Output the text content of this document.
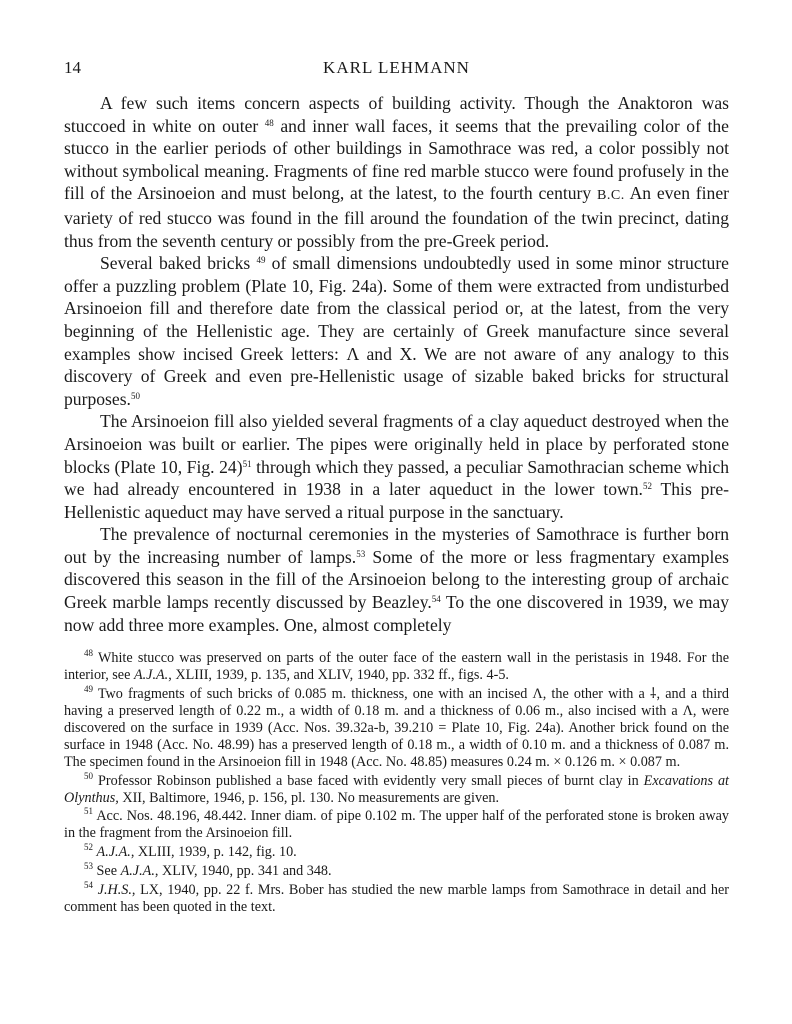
14	KARL LEHMANN

A few such items concern aspects of building activity. Though the Anaktoron was stuccoed in white on outer $^{48}$ and inner wall faces, it seems that the prevailing color of the stucco in the earlier periods of other buildings in Samothrace was red, a color possibly not without symbolical meaning. Fragments of fine red marble stucco were found profusely in the fill of the Arsinoeion and must belong, at the latest, to the fourth century B.C. An even finer variety of red stucco was found in the fill around the foundation of the twin precinct, dating thus from the seventh century or possibly from the pre-Greek period.

Several baked bricks $^{49}$ of small dimensions undoubtedly used in some minor structure offer a puzzling problem (Plate 10, Fig. 24a). Some of them were extracted from undisturbed Arsinoeion fill and therefore date from the classical period or, at the latest, from the very beginning of the Hellenistic age. They are certainly of Greek manufacture since several examples show incised Greek letters: Λ and X. We are not aware of any analogy to this discovery of Greek and even pre-Hellenistic usage of sizable baked bricks for structural purposes.$^{50}$

The Arsinoeion fill also yielded several fragments of a clay aqueduct destroyed when the Arsinoeion was built or earlier. The pipes were originally held in place by perforated stone blocks (Plate 10, Fig. 24)$^{51}$ through which they passed, a peculiar Samothracian scheme which we had already encountered in 1938 in a later aqueduct in the lower town.$^{52}$ This pre-Hellenistic aqueduct may have served a ritual purpose in the sanctuary.

The prevalence of nocturnal ceremonies in the mysteries of Samothrace is further born out by the increasing number of lamps.$^{53}$ Some of the more or less fragmentary examples discovered this season in the fill of the Arsinoeion belong to the interesting group of archaic Greek marble lamps recently discussed by Beazley.$^{54}$ To the one discovered in 1939, we may now add three more examples. One, almost completely

$^{48}$ White stucco was preserved on parts of the outer face of the eastern wall in the peristasis in 1948. For the interior, see A.J.A., XLIII, 1939, p. 135, and XLIV, 1940, pp. 332 ff., figs. 4-5.

$^{49}$ Two fragments of such bricks of 0.085 m. thickness, one with an incised Λ, the other with a ⸸, and a third having a preserved length of 0.22 m., a width of 0.18 m. and a thickness of 0.06 m., also incised with a Λ, were discovered on the surface in 1939 (Acc. Nos. 39.32a-b, 39.210 = Plate 10, Fig. 24a). Another brick found on the surface in 1948 (Acc. No. 48.99) has a preserved length of 0.18 m., a width of 0.10 m. and a thickness of 0.087 m. The specimen found in the Arsinoeion fill in 1948 (Acc. No. 48.85) measures 0.24 m. × 0.126 m. × 0.087 m.

$^{50}$ Professor Robinson published a base faced with evidently very small pieces of burnt clay in Excavations at Olynthus, XII, Baltimore, 1946, p. 156, pl. 130. No measurements are given.

$^{51}$ Acc. Nos. 48.196, 48.442. Inner diam. of pipe 0.102 m. The upper half of the perforated stone is broken away in the fragment from the Arsinoeion fill.

$^{52}$ A.J.A., XLIII, 1939, p. 142, fig. 10.

$^{53}$ See A.J.A., XLIV, 1940, pp. 341 and 348.

$^{54}$ J.H.S., LX, 1940, pp. 22 f. Mrs. Bober has studied the new marble lamps from Samothrace in detail and her comment has been quoted in the text.
